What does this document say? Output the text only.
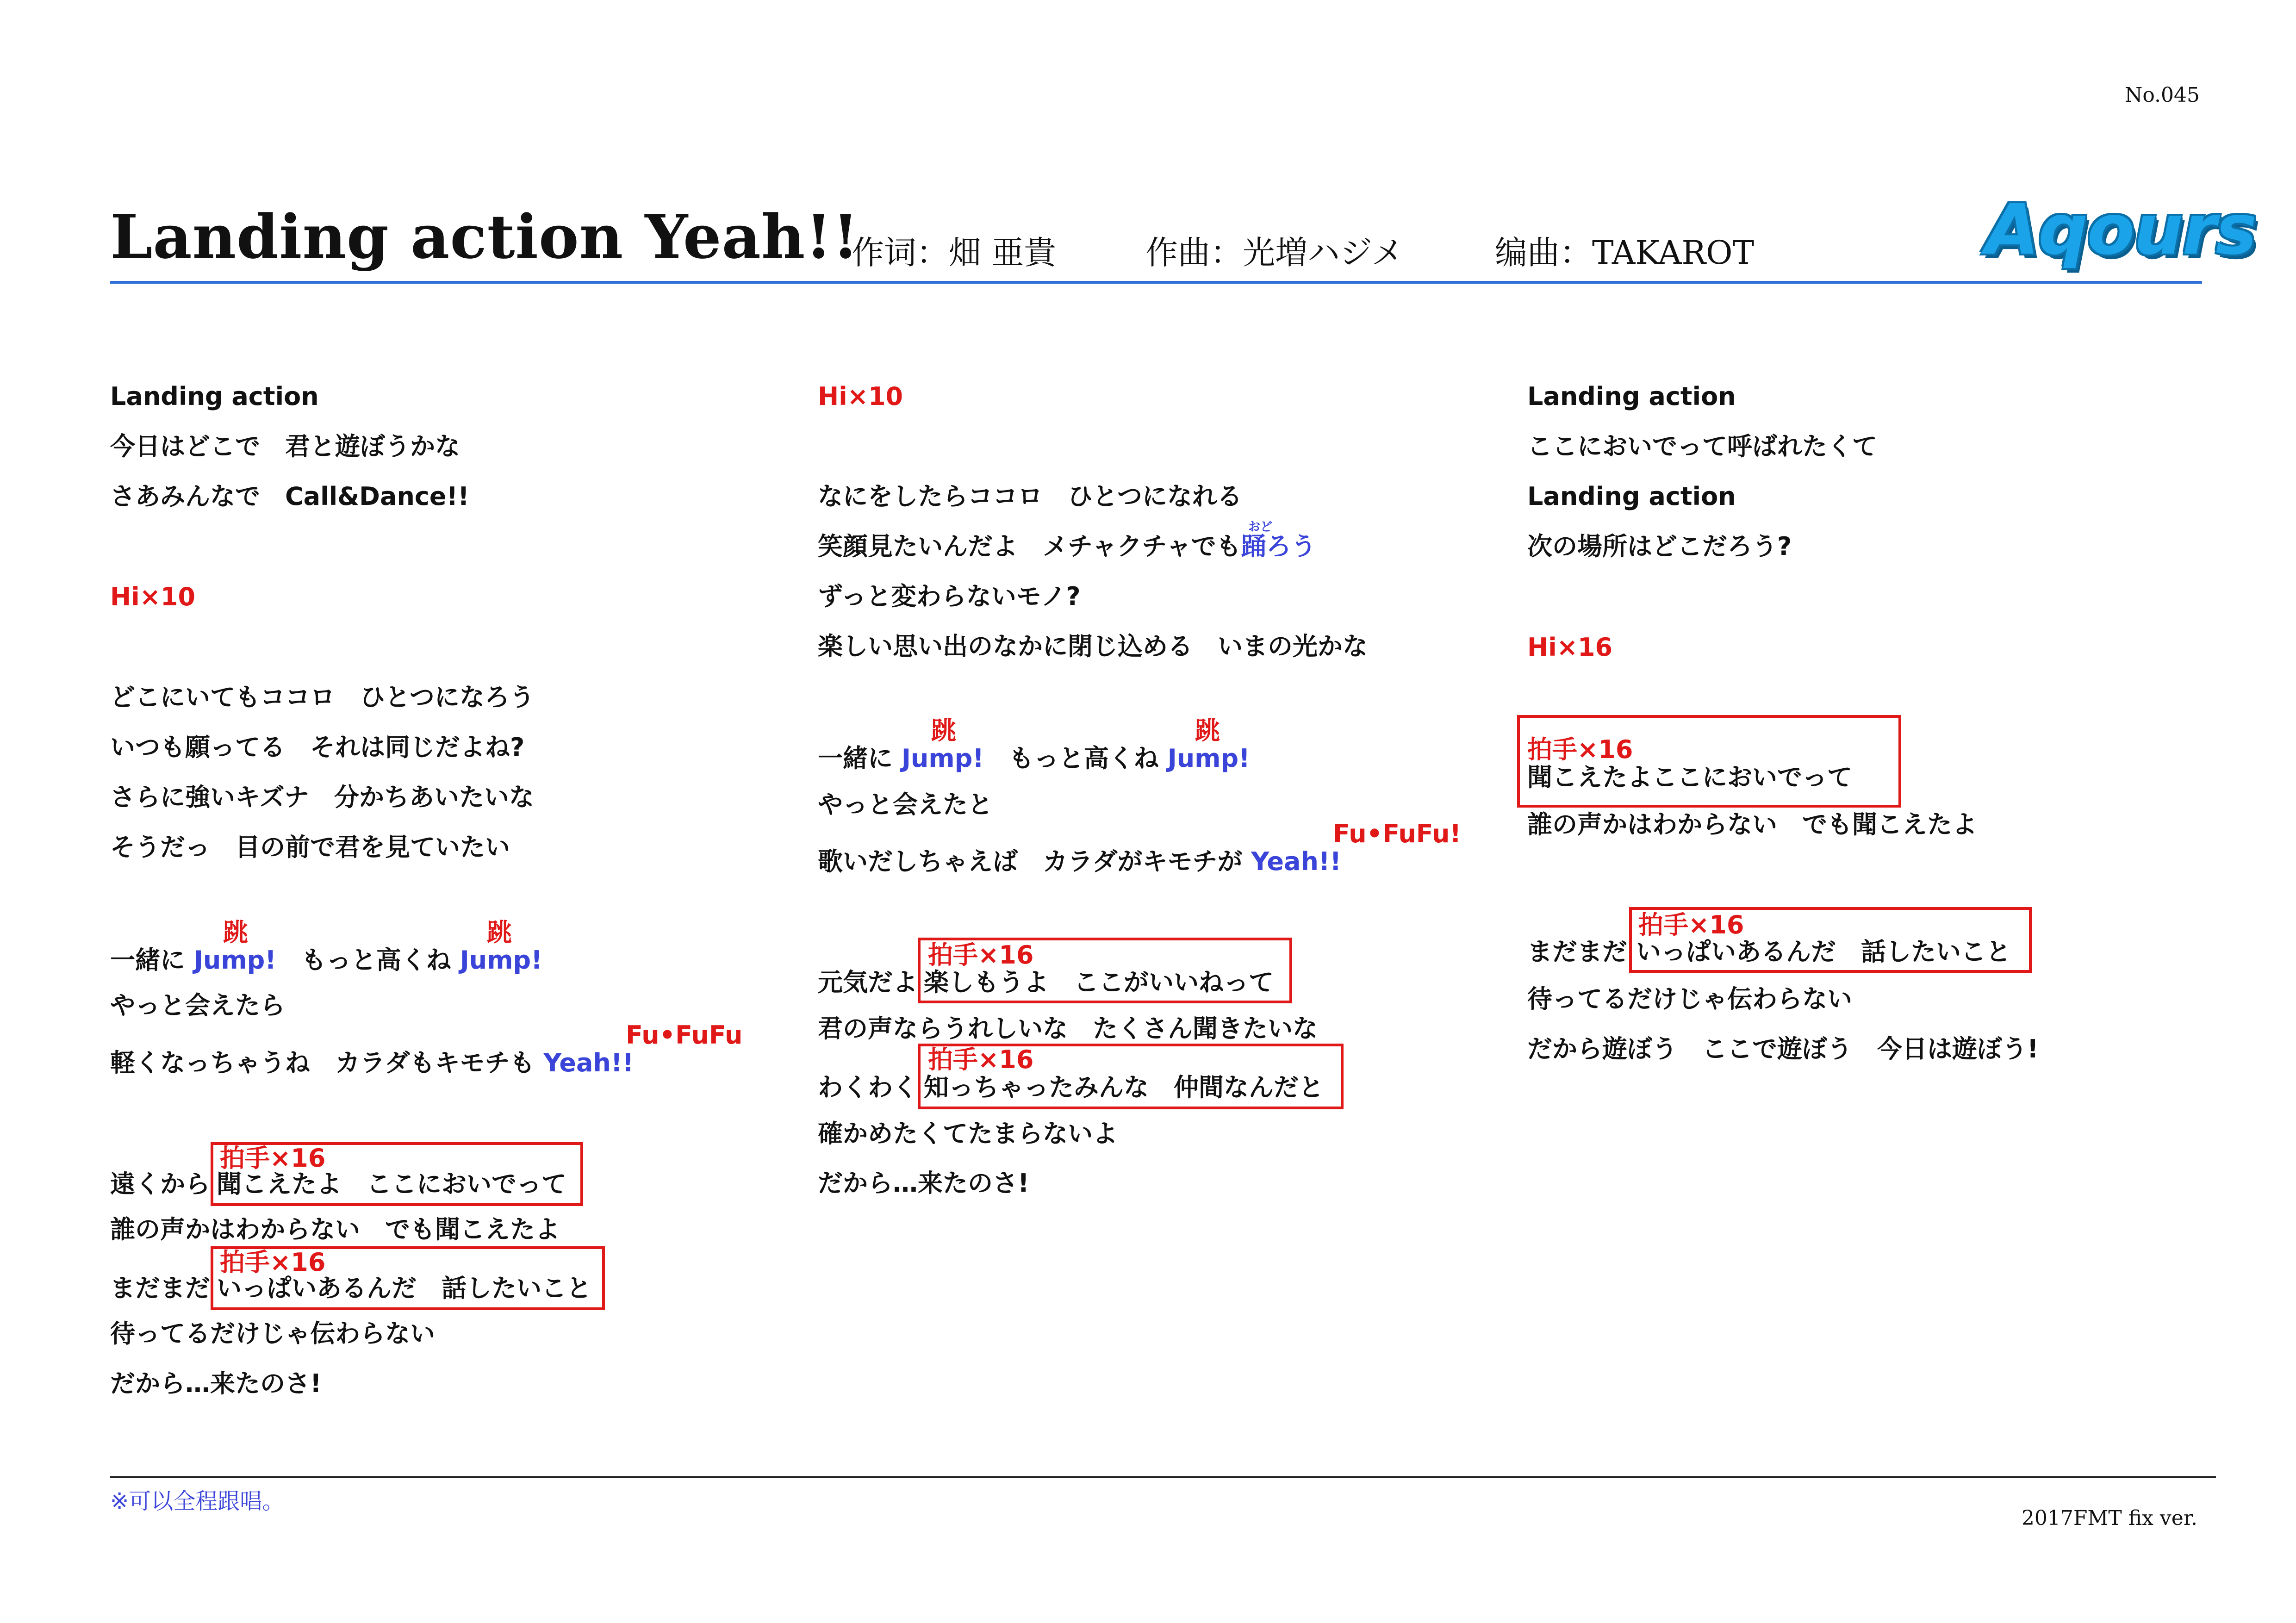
No.045
Landing action Yeah!!
作词：畑 亜貴	作曲：光増ハジメ	编曲：TAKAROT	Aqours
Landing action
今日はどこで　君と遊ぼうかな
さあみんなで　Call&Dance!!
Hi×10
どこにいてもココロ　ひとつになろう
いつも願ってる　それは同じだよね?
さらに強いキズナ　分かちあいたいな
そうだっ　目の前で君を見ていたい
跳	跳
一緒に Jump!　もっと高くね Jump!
やっと会えたら
Fu•FuFu
軽くなっちゃうね　カラダもキモチも Yeah!!
拍手×16
遠くから 聞こえたよ　ここにおいでって
誰の声かはわからない　でも聞こえたよ
拍手×16
まだまだ いっぱいあるんだ　話したいこと
待ってるだけじゃ伝わらない
だから…来たのさ!
Hi×10
なにをしたらココロ　ひとつになれる
おど
笑顔見たいんだよ　メチャクチャでも踊ろう
ずっと変わらないモノ?
楽しい思い出のなかに閉じ込める　いまの光かな
跳	跳
一緒に Jump!　もっと高くね Jump!
やっと会えたと
Fu•FuFu!
歌いだしちゃえば　カラダがキモチが Yeah!!
拍手×16
元気だよ 楽しもうよ　ここがいいねって
君の声ならうれしいな　たくさん聞きたいな
拍手×16
わくわく 知っちゃったみんな　仲間なんだと
確かめたくてたまらないよ
だから…来たのさ!
Landing action
ここにおいでって呼ばれたくて
Landing action
次の場所はどこだろう?
Hi×16
拍手×16
聞こえたよここにおいでって
誰の声かはわからない　でも聞こえたよ
拍手×16
まだまだ いっぱいあるんだ　話したいこと
待ってるだけじゃ伝わらない
だから遊ぼう　ここで遊ぼう　今日は遊ぼう!
※可以全程跟唱。
2017FMT fix ver.
